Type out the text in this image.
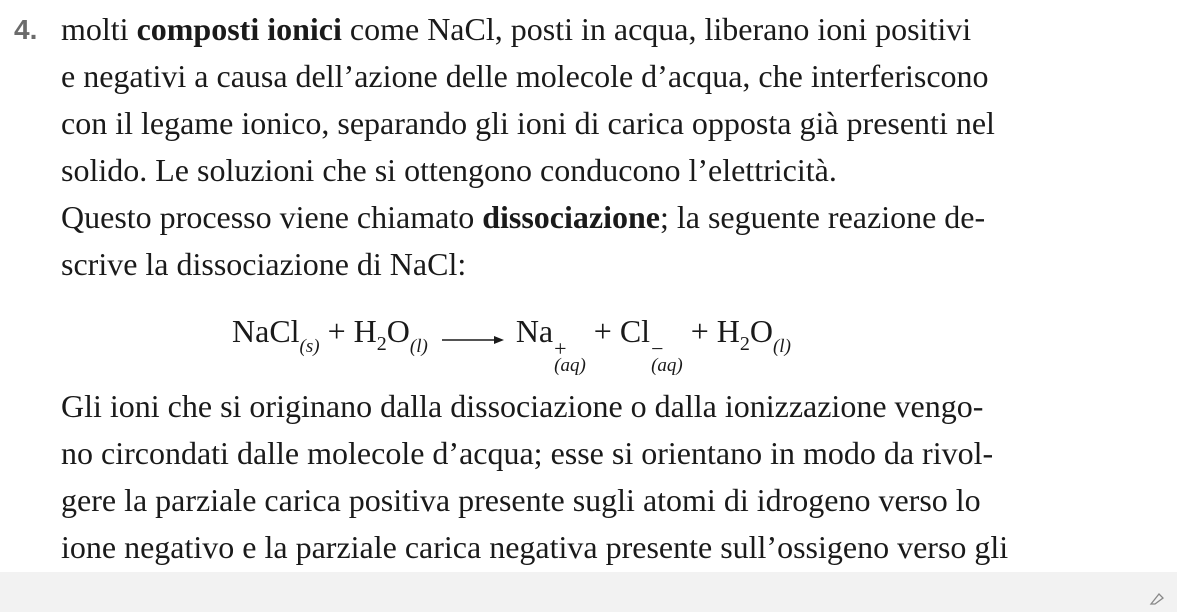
4. molti composti ionici come NaCl, posti in acqua, liberano ioni positivi

e negativi a causa dell’azione delle molecole d’acqua, che interferiscono

con il legame ionico, separando gli ioni di carica opposta già presenti nel

solido. Le soluzioni che si ottengono conducono l’elettricità.

Questo processo viene chiamato dissociazione; la seguente reazione de-

scrive la dissociazione di NaCl:

NaCl$_{(s)}$ + $H_2O_{(l)} \to Na$ +
(aq)
+ Cl −
(aq)
+ $H_2O_{(l)}$

Gli ioni che si originano dalla dissociazione o dalla ionizzazione vengo-

no circondati dalle molecole d’acqua; esse si orientano in modo da rivol-

gere la parziale carica positiva presente sugli atomi di idrogeno verso lo

ione negativo e la parziale carica negativa presente sull’ossigeno verso gli
